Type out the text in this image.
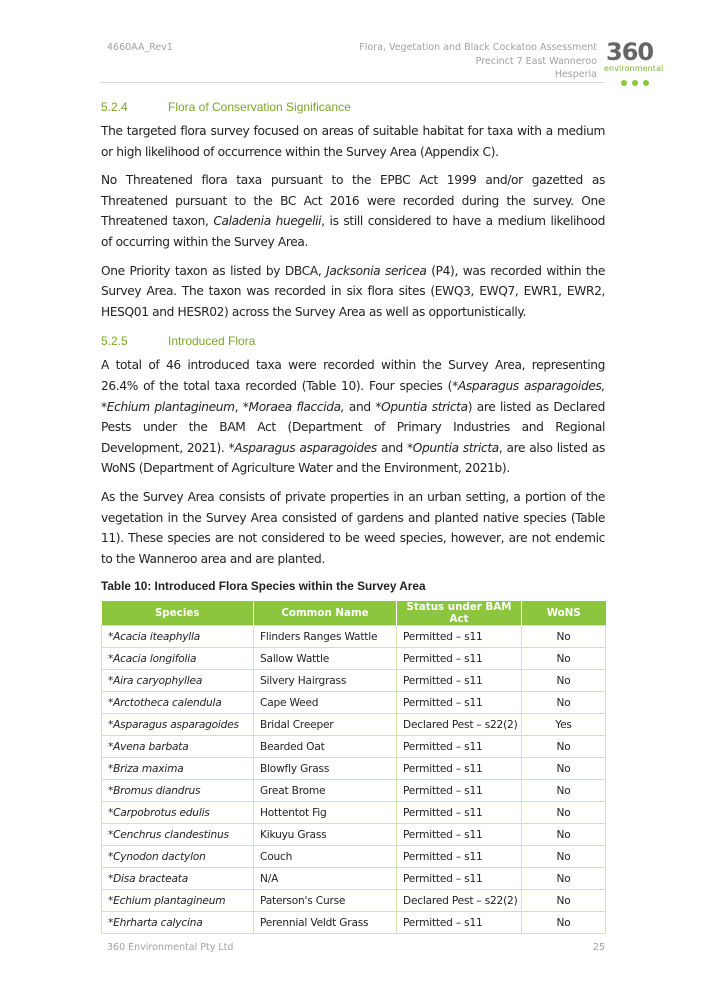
4660AA_Rev1	Flora, Vegetation and Black Cockatoo Assessment
Precinct 7 East Wanneroo
Hesperia
360
environmental
5.2.4	Flora of Conservation Significance

The targeted flora survey focused on areas of suitable habitat for taxa with a medium or high likelihood of occurrence within the Survey Area (Appendix C).

No Threatened flora taxa pursuant to the EPBC Act 1999 and/or gazetted as Threatened pursuant to the BC Act 2016 were recorded during the survey. One Threatened taxon, Caladenia huegelii, is still considered to have a medium likelihood of occurring within the Survey Area.

One Priority taxon as listed by DBCA, Jacksonia sericea (P4), was recorded within the Survey Area. The taxon was recorded in six flora sites (EWQ3, EWQ7, EWR1, EWR2, HESQ01 and HESR02) across the Survey Area as well as opportunistically.

5.2.5	Introduced Flora

A total of 46 introduced taxa were recorded within the Survey Area, representing 26.4% of the total taxa recorded (Table 10). Four species (*Asparagus asparagoides, *Echium plantagineum, *Moraea flaccida, and *Opuntia stricta) are listed as Declared Pests under the BAM Act (Department of Primary Industries and Regional Development, 2021). *Asparagus asparagoides and *Opuntia stricta, are also listed as WoNS (Department of Agriculture Water and the Environment, 2021b).

As the Survey Area consists of private properties in an urban setting, a portion of the vegetation in the Survey Area consisted of gardens and planted native species (Table 11). These species are not considered to be weed species, however, are not endemic to the Wanneroo area and are planted.

Table 10: Introduced Flora Species within the Survey Area
Species	Common Name	Status under BAM Act	WoNS
*Acacia iteaphylla	Flinders Ranges Wattle	Permitted – s11	No
*Acacia longifolia	Sallow Wattle	Permitted – s11	No
*Aira caryophyllea	Silvery Hairgrass	Permitted – s11	No
*Arctotheca calendula	Cape Weed	Permitted – s11	No
*Asparagus asparagoides	Bridal Creeper	Declared Pest – s22(2)	Yes
*Avena barbata	Bearded Oat	Permitted – s11	No
*Briza maxima	Blowfly Grass	Permitted – s11	No
*Bromus diandrus	Great Brome	Permitted – s11	No
*Carpobrotus edulis	Hottentot Fig	Permitted – s11	No
*Cenchrus clandestinus	Kikuyu Grass	Permitted – s11	No
*Cynodon dactylon	Couch	Permitted – s11	No
*Disa bracteata	N/A	Permitted – s11	No
*Echium plantagineum	Paterson's Curse	Declared Pest – s22(2)	No
*Ehrharta calycina	Perennial Veldt Grass	Permitted – s11	No
360 Environmental Pty Ltd	25
